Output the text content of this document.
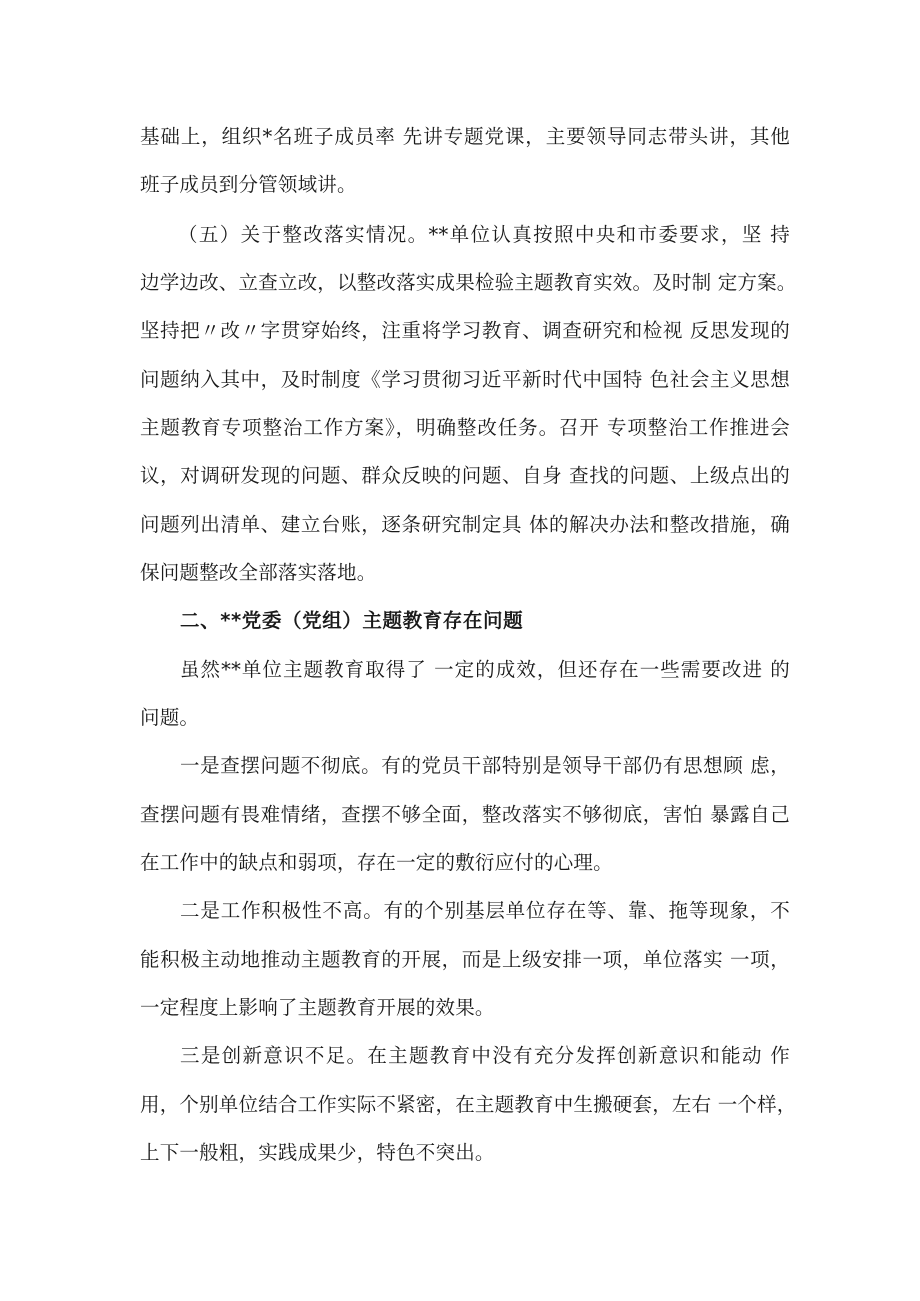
基础上，组织*名班子成员率 先讲专题党课，主要领导同志带头讲，其他
班子成员到分管领域讲。
（五）关于整改落实情况。**单位认真按照中央和市委要求，坚 持
边学边改、立查立改，以整改落实成果检验主题教育实效。及时制 定方案。
坚持把〃改〃字贯穿始终，注重将学习教育、调查研究和检视 反思发现的
问题纳入其中，及时制度《学习贯彻习近平新时代中国特 色社会主义思想
主题教育专项整治工作方案》，明确整改任务。召开 专项整治工作推进会
议，对调研发现的问题、群众反映的问题、自身 查找的问题、上级点出的
问题列出清单、建立台账，逐条研究制定具 体的解决办法和整改措施，确
保问题整改全部落实落地。
二、**党委（党组）主题教育存在问题
虽然**单位主题教育取得了 一定的成效，但还存在一些需要改进 的
问题。
一是查摆问题不彻底。有的党员干部特别是领导干部仍有思想顾 虑，
查摆问题有畏难情绪，查摆不够全面，整改落实不够彻底，害怕 暴露自己
在工作中的缺点和弱项，存在一定的敷衍应付的心理。
二是工作积极性不高。有的个别基层单位存在等、靠、拖等现象，不
能积极主动地推动主题教育的开展，而是上级安排一项，单位落实 一项，
一定程度上影响了主题教育开展的效果。
三是创新意识不足。在主题教育中没有充分发挥创新意识和能动 作
用，个别单位结合工作实际不紧密，在主题教育中生搬硬套，左右 一个样，
上下一般粗，实践成果少，特色不突出。
